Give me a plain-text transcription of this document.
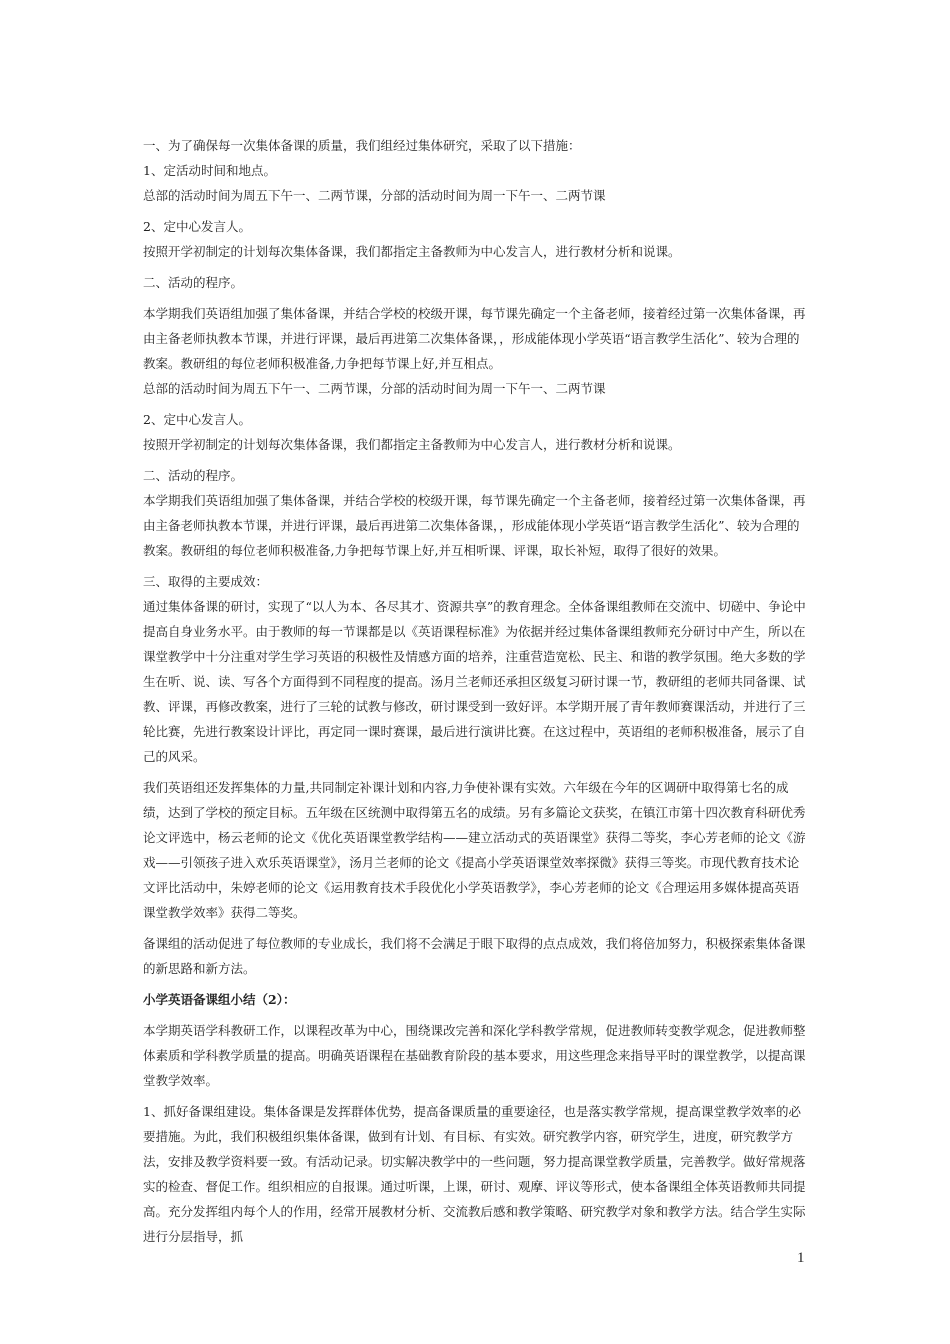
一、为了确保每一次集体备课的质量，我们组经过集体研究，采取了以下措施：

1、定活动时间和地点。

总部的活动时间为周五下午一、二两节课，分部的活动时间为周一下午一、二两节课

2、定中心发言人。

按照开学初制定的计划每次集体备课，我们都指定主备教师为中心发言人，进行教材分析和说课。

二、活动的程序。

本学期我们英语组加强了集体备课，并结合学校的校级开课，每节课先确定一个主备老师，接着经过第一次集体备课，再由主备老师执教本节课，并进行评课，最后再进第二次集体备课，，形成能体现小学英语“语言教学生活化”、较为合理的教案。教研组的每位老师积极准备,力争把每节课上好,并互相点。

总部的活动时间为周五下午一、二两节课，分部的活动时间为周一下午一、二两节课

2、定中心发言人。

按照开学初制定的计划每次集体备课，我们都指定主备教师为中心发言人，进行教材分析和说课。

二、活动的程序。

本学期我们英语组加强了集体备课，并结合学校的校级开课，每节课先确定一个主备老师，接着经过第一次集体备课，再由主备老师执教本节课，并进行评课，最后再进第二次集体备课，，形成能体现小学英语“语言教学生活化”、较为合理的教案。教研组的每位老师积极准备,力争把每节课上好,并互相听课、评课，取长补短，取得了很好的效果。

三、取得的主要成效：

通过集体备课的研讨，实现了“以人为本、各尽其才、资源共享”的教育理念。全体备课组教师在交流中、切磋中、争论中提高自身业务水平。由于教师的每一节课都是以《英语课程标准》为依据并经过集体备课组教师充分研讨中产生，所以在课堂教学中十分注重对学生学习英语的积极性及情感方面的培养，注重营造宽松、民主、和谐的教学氛围。绝大多数的学生在听、说、读、写各个方面得到不同程度的提高。汤月兰老师还承担区级复习研讨课一节，教研组的老师共同备课、试教、评课，再修改教案，进行了三轮的试教与修改，研讨课受到一致好评。本学期开展了青年教师赛课活动，并进行了三轮比赛，先进行教案设计评比，再定同一课时赛课，最后进行演讲比赛。在这过程中，英语组的老师积极准备，展示了自己的风采。

我们英语组还发挥集体的力量,共同制定补课计划和内容,力争使补课有实效。六年级在今年的区调研中取得第七名的成绩，达到了学校的预定目标。五年级在区统测中取得第五名的成绩。另有多篇论文获奖，在镇江市第十四次教育科研优秀论文评选中，杨云老师的论文《优化英语课堂教学结构——建立活动式的英语课堂》获得二等奖，李心芳老师的论文《游戏——引领孩子进入欢乐英语课堂》，汤月兰老师的论文《提高小学英语课堂效率探微》获得三等奖。市现代教育技术论文评比活动中，朱婷老师的论文《运用教育技术手段优化小学英语教学》，李心芳老师的论文《合理运用多媒体提高英语课堂教学效率》获得二等奖。

备课组的活动促进了每位教师的专业成长，我们将不会满足于眼下取得的点点成效，我们将倍加努力，积极探索集体备课的新思路和新方法。

小学英语备课组小结（2）：

本学期英语学科教研工作，以课程改革为中心，围绕课改完善和深化学科教学常规，促进教师转变教学观念，促进教师整体素质和学科教学质量的提高。明确英语课程在基础教育阶段的基本要求，用这些理念来指导平时的课堂教学，以提高课堂教学效率。

1、抓好备课组建设。集体备课是发挥群体优势，提高备课质量的重要途径，也是落实教学常规，提高课堂教学效率的必要措施。为此，我们积极组织集体备课，做到有计划、有目标、有实效。研究教学内容，研究学生，进度，研究教学方法，安排及教学资料要一致。有活动记录。切实解决教学中的一些问题，努力提高课堂教学质量，完善教学。做好常规落实的检查、督促工作。组织相应的自报课。通过听课，上课，研讨、观摩、评议等形式，使本备课组全体英语教师共同提高。充分发挥组内每个人的作用，经常开展教材分析、交流教后感和教学策略、研究教学对象和教学方法。结合学生实际进行分层指导，抓

1
